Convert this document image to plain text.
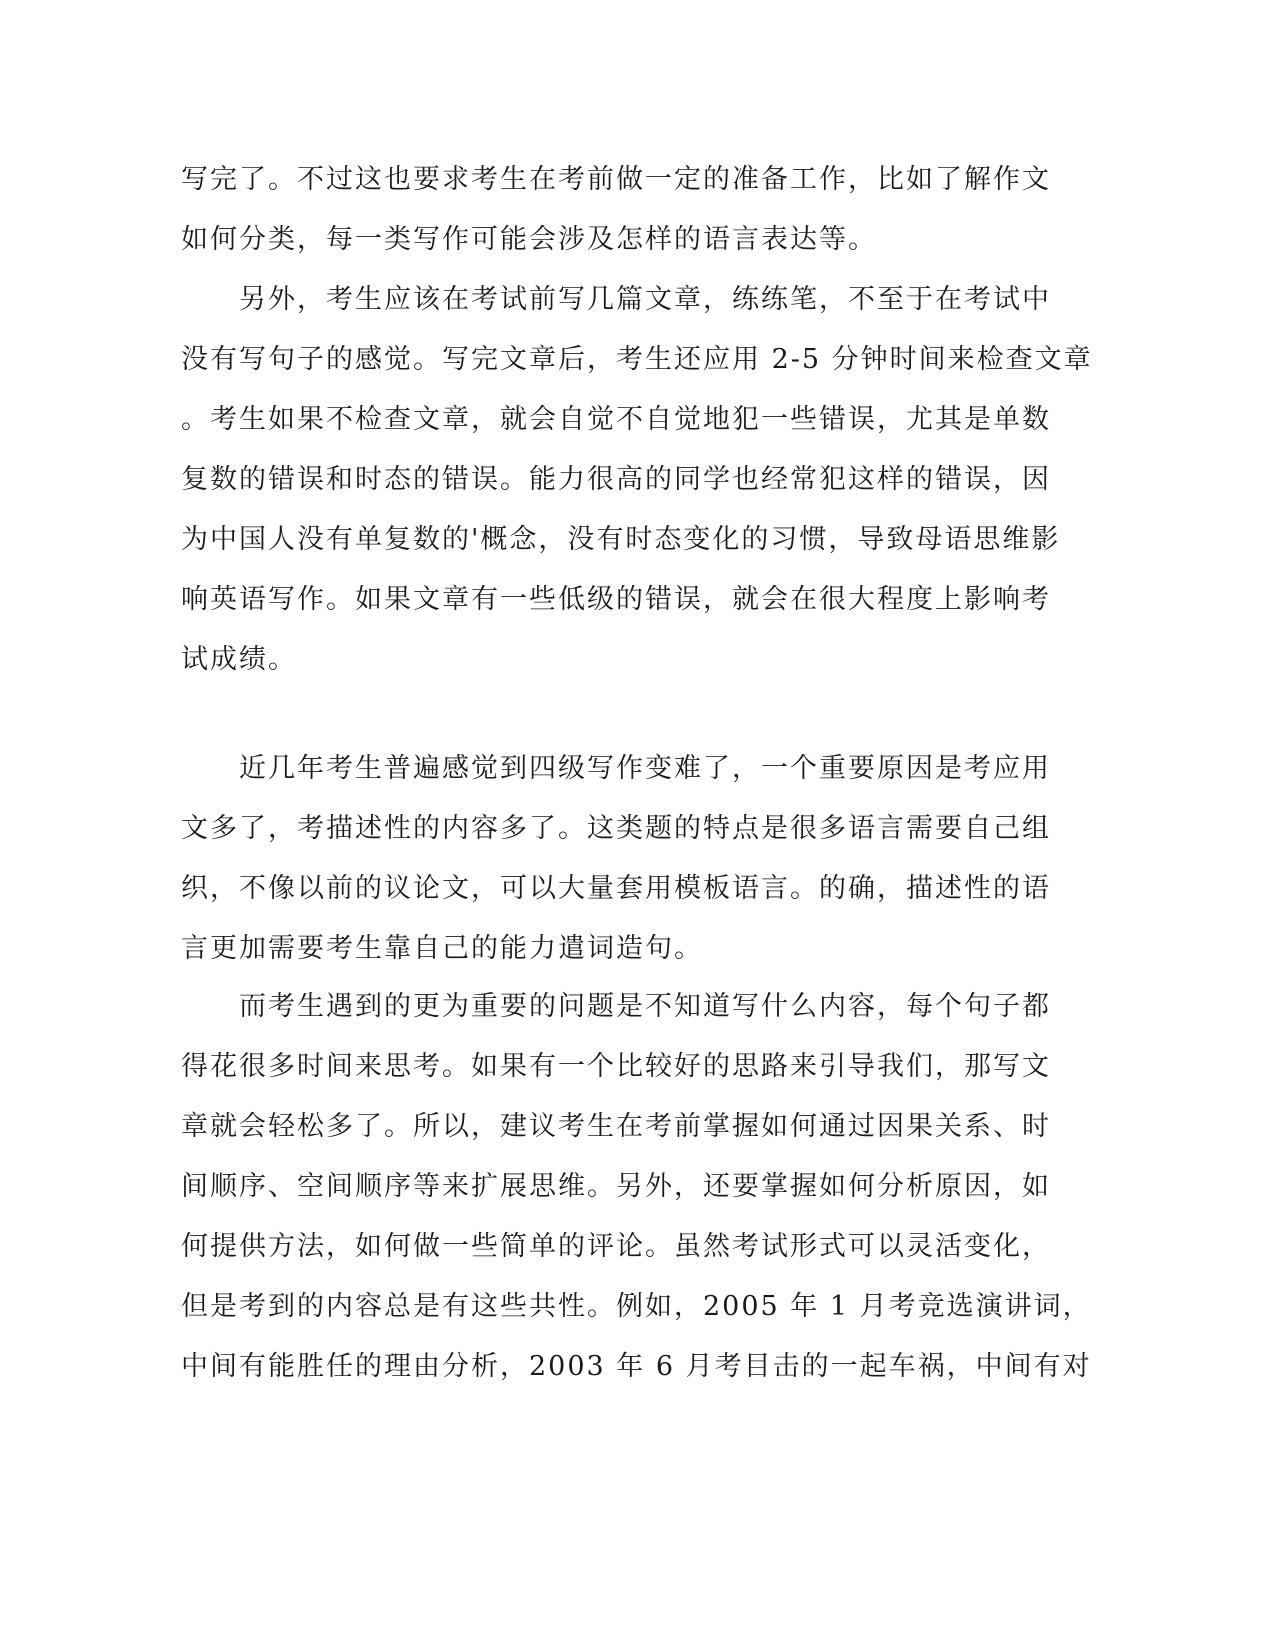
写完了。不过这也要求考生在考前做一定的准备工作，比如了解作文
如何分类，每一类写作可能会涉及怎样的语言表达等。
　　另外，考生应该在考试前写几篇文章，练练笔，不至于在考试中
没有写句子的感觉。写完文章后，考生还应用 2-5 分钟时间来检查文章
。考生如果不检查文章，就会自觉不自觉地犯一些错误，尤其是单数
复数的错误和时态的错误。能力很高的同学也经常犯这样的错误，因
为中国人没有单复数的'概念，没有时态变化的习惯，导致母语思维影
响英语写作。如果文章有一些低级的错误，就会在很大程度上影响考
试成绩。
　　近几年考生普遍感觉到四级写作变难了，一个重要原因是考应用
文多了，考描述性的内容多了。这类题的特点是很多语言需要自己组
织，不像以前的议论文，可以大量套用模板语言。的确，描述性的语
言更加需要考生靠自己的能力遣词造句。
　　而考生遇到的更为重要的问题是不知道写什么内容，每个句子都
得花很多时间来思考。如果有一个比较好的思路来引导我们，那写文
章就会轻松多了。所以，建议考生在考前掌握如何通过因果关系、时
间顺序、空间顺序等来扩展思维。另外，还要掌握如何分析原因，如
何提供方法，如何做一些简单的评论。虽然考试形式可以灵活变化，
但是考到的内容总是有这些共性。例如，2005 年 1 月考竞选演讲词，
中间有能胜任的理由分析，2003 年 6 月考目击的一起车祸，中间有对
